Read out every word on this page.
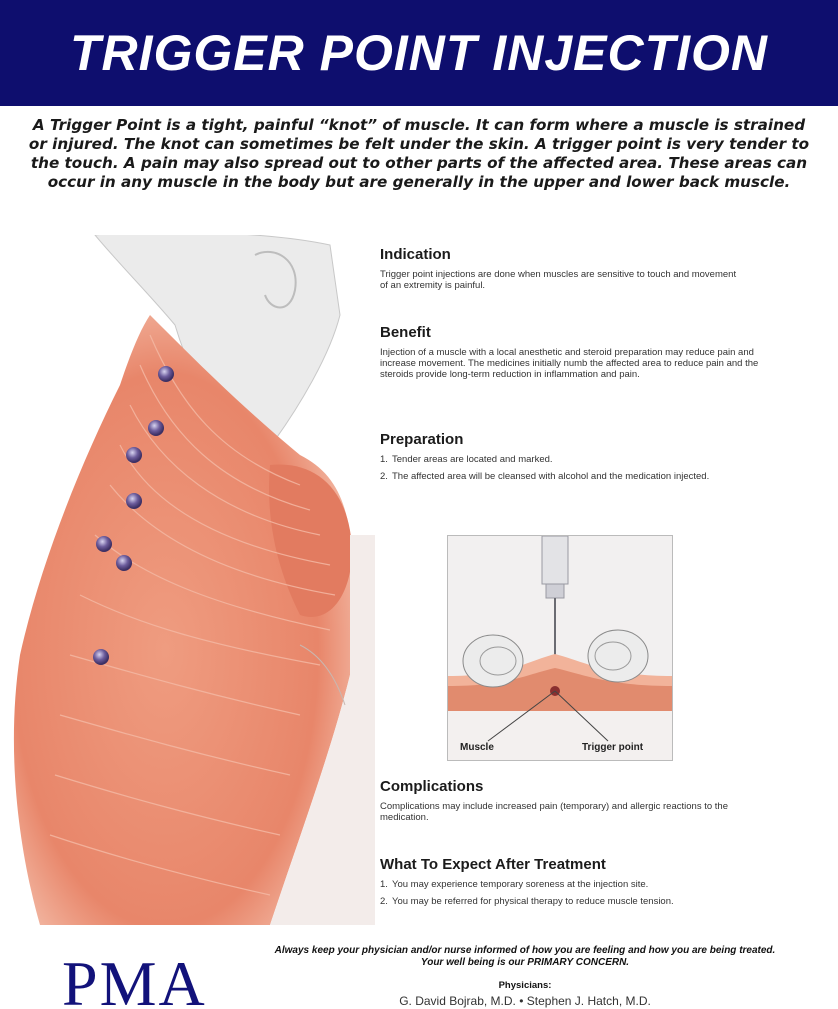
TRIGGER POINT INJECTION
A Trigger Point is a tight, painful “knot” of muscle. It can form where a muscle is strained or injured. The knot can sometimes be felt under the skin. A trigger point is very tender to the touch. A pain may also spread out to other parts of the affected area. These areas can occur in any muscle in the body but are generally in the upper and lower back muscle.
Indication

Trigger point injections are done when muscles are sensitive to touch and movement of an extremity is painful.

Benefit

Injection of a muscle with a local anesthetic and steroid preparation may reduce pain and increase movement. The medicines initially numb the affected area to reduce pain and the steroids provide long-term reduction in inflammation and pain.

Preparation
1. Tender areas are located and marked.
2. The affected area will be cleansed with alcohol and the medication injected.
Muscle	Trigger point
Complications

Complications may include increased pain (temporary) and allergic reactions to the medication.

What To Expect After Treatment
1. You may experience temporary soreness at the injection site.
2. You may be referred for physical therapy to reduce muscle tension.
Always keep your physician and/or nurse informed of how you are feeling and how you are being treated. Your well being is our PRIMARY CONCERN.
Physicians:
G. David Bojrab, M.D. • Stephen J. Hatch, M.D.
PMA
